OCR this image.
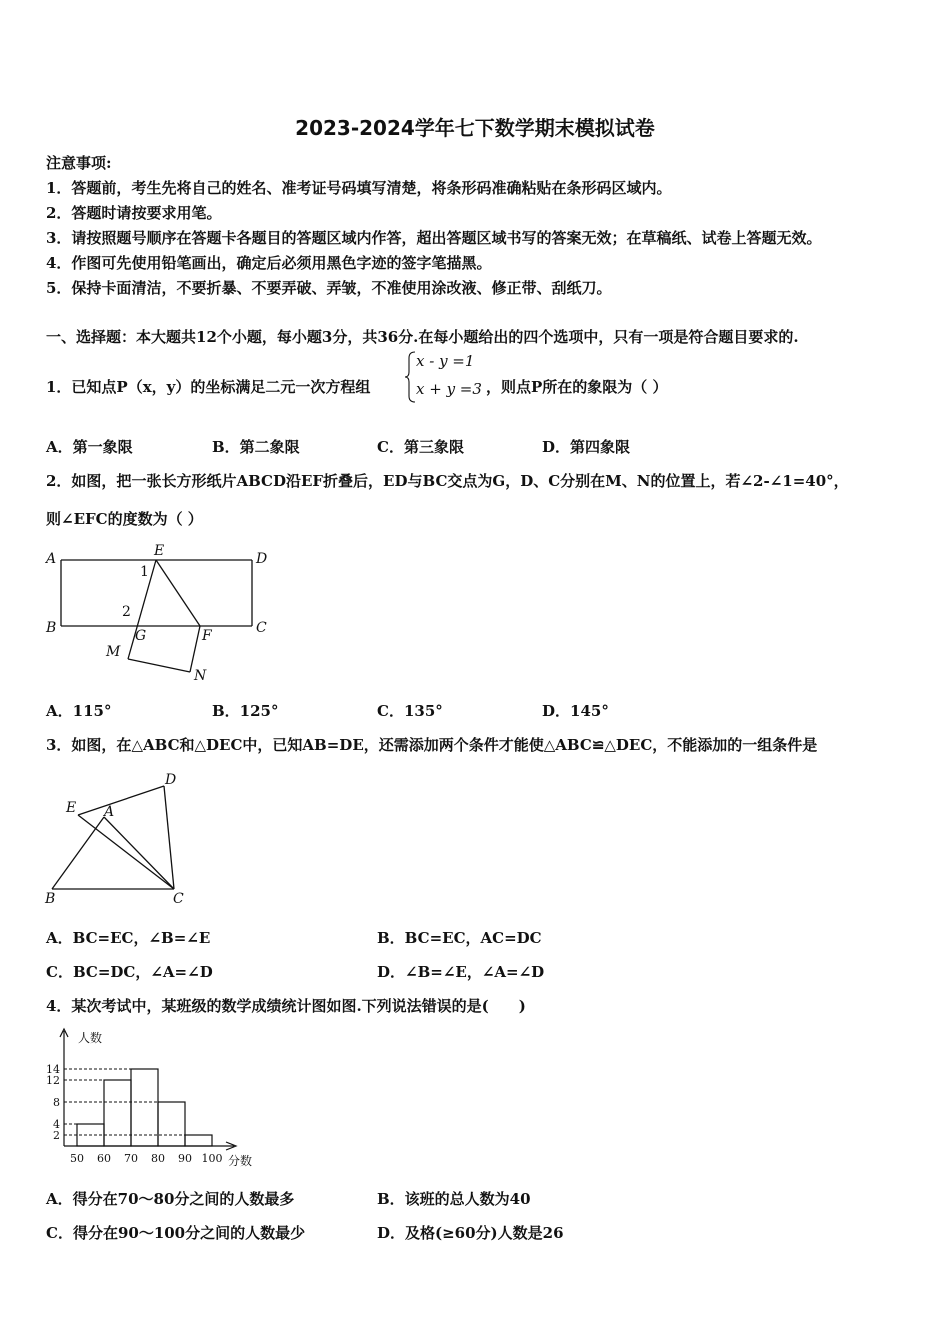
2023-2024学年七下数学期末模拟试卷
注意事项:
1．答题前，考生先将自己的姓名、准考证号码填写清楚，将条形码准确粘贴在条形码区域内。
2．答题时请按要求用笔。
3．请按照题号顺序在答题卡各题目的答题区域内作答，超出答题区域书写的答案无效；在草稿纸、试卷上答题无效。
4．作图可先使用铅笔画出，确定后必须用黑色字迹的签字笔描黑。
5．保持卡面清洁，不要折暴、不要弄破、弄皱，不准使用涂改液、修正带、刮纸刀。
一、选择题：本大题共12个小题，每小题3分，共36分.在每小题给出的四个选项中，只有一项是符合题目要求的.
1．已知点P（x，y）的坐标满足二元一次方程组
x - y =1
x + y =3 ，则点P所在的象限为（ ）
A．第一象限	B．第二象限	C．第三象限	D．第四象限
2．如图，把一张长方形纸片ABCD沿EF折叠后，ED与BC交点为G，D、C分别在M、N的位置上，若∠2-∠1=40°，
则∠EFC的度数为（ ）
A	E	D
1
2
B	G	F	C
M
N
A．115°	B．125°	C．135°	D．145°
3．如图，在△ABC和△DEC中，已知AB=DE，还需添加两个条件才能使△ABC≌△DEC，不能添加的一组条件是
D
E A
B	C
A．BC=EC，∠B=∠E	B．BC=EC，AC=DC
C．BC=DC，∠A=∠D	D．∠B=∠E，∠A=∠D
4．某次考试中，某班级的数学成绩统计图如图.下列说法错误的是(　　)
2
4
8
12
14
50 60 70 80 90 100
人数
分数
A．得分在70～80分之间的人数最多	B．该班的总人数为40
C．得分在90～100分之间的人数最少	D．及格(≥60分)人数是26
